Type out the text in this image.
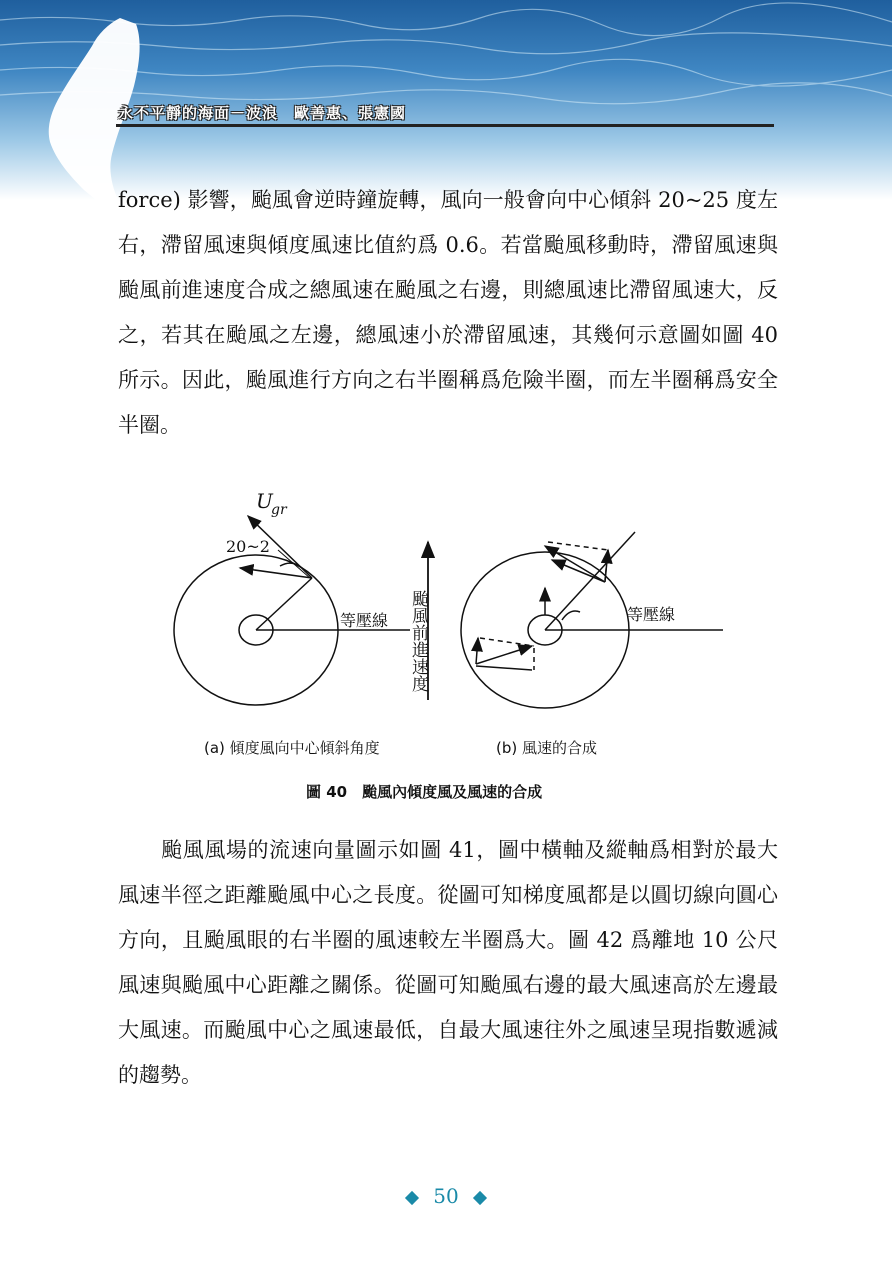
永不平靜的海面－波浪　歐善惠、張憲國

force) 影響，颱風會逆時鐘旋轉，風向一般會向中心傾斜 20~25 度左右，滯留風速與傾度風速比值約爲 0.6。若當颱風移動時，滯留風速與颱風前進速度合成之總風速在颱風之右邊，則總風速比滯留風速大，反之，若其在颱風之左邊，總風速小於滯留風速，其幾何示意圖如圖 40 所示。因此，颱風進行方向之右半圈稱爲危險半圈，而左半圈稱爲安全半圈。

U
gr
20~2
等壓線 颱風前進速度	等壓線
(a) 傾度風向中心傾斜角度	(b) 風速的合成
圖 40　颱風內傾度風及風速的合成

　　颱風風場的流速向量圖示如圖 41，圖中橫軸及縱軸爲相對於最大風速半徑之距離颱風中心之長度。從圖可知梯度風都是以圓切線向圓心方向，且颱風眼的右半圈的風速較左半圈爲大。圖 42 爲離地 10 公尺風速與颱風中心距離之關係。從圖可知颱風右邊的最大風速高於左邊最大風速。而颱風中心之風速最低，自最大風速往外之風速呈現指數遞減的趨勢。

50
